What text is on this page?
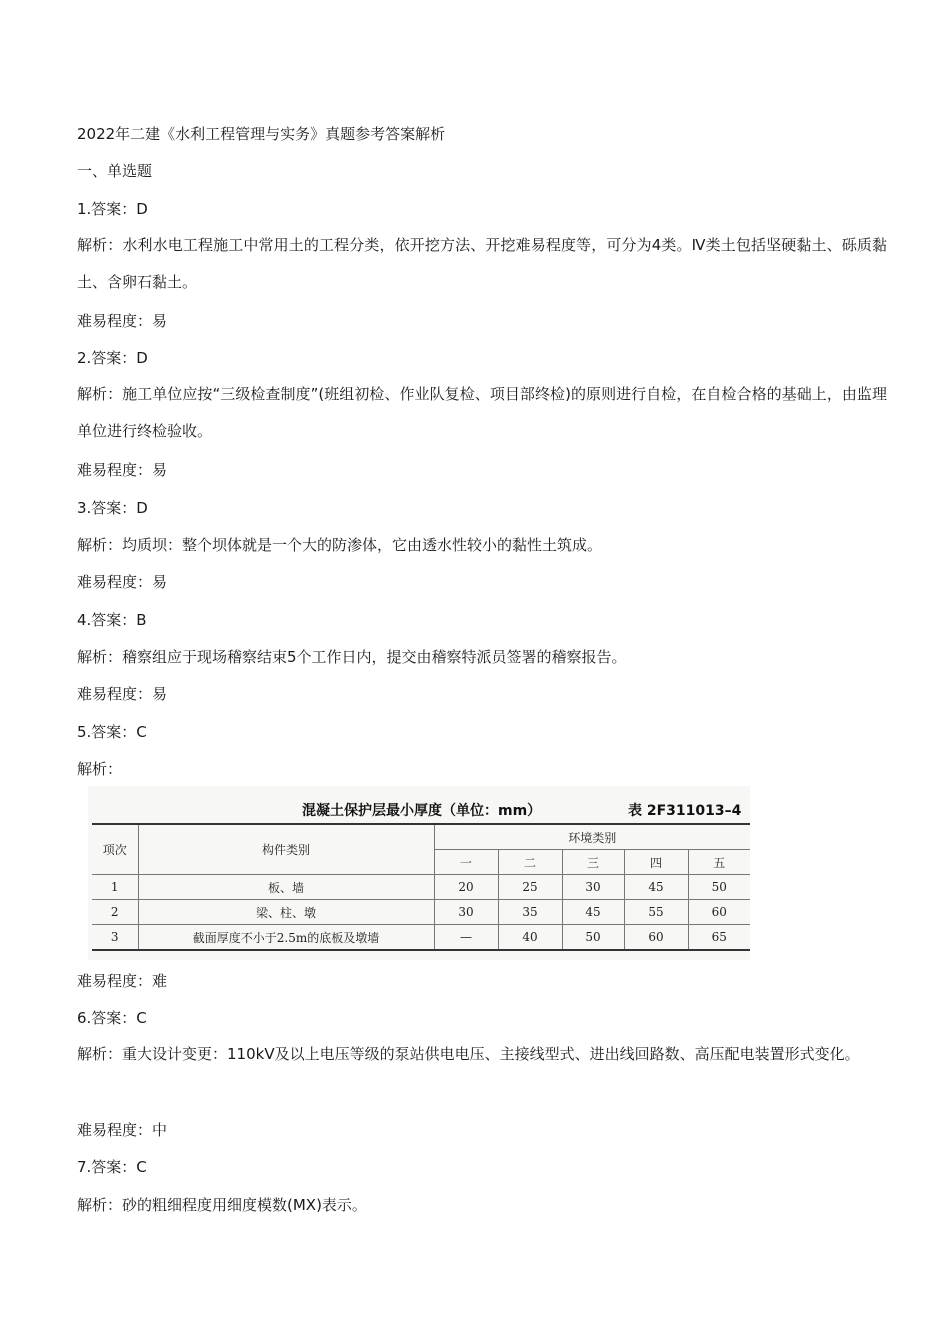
2022年二建《水利工程管理与实务》真题参考答案解析
一、单选题
1.答案：D
解析：水利水电工程施工中常用土的工程分类，依开挖方法、开挖难易程度等，可分为4类。Ⅳ类土包括坚硬黏土、砾质黏土、含卵石黏土。
难易程度：易
2.答案：D
解析：施工单位应按“三级检查制度”(班组初检、作业队复检、项目部终检)的原则进行自检，在自检合格的基础上，由监理单位进行终检验收。
难易程度：易
3.答案：D
解析：均质坝：整个坝体就是一个大的防渗体，它由透水性较小的黏性土筑成。
难易程度：易
4.答案：B
解析：稽察组应于现场稽察结束5个工作日内，提交由稽察特派员签署的稽察报告。
难易程度：易
5.答案：C
解析：
混凝土保护层最小厚度（单位：mm）	表 2F311013–4
项次	构件类别	环境类别				
		一	二	三	四	五
1	板、墙	20	25	30	45	50
2	梁、柱、墩	30	35	45	55	60
3	截面厚度不小于2.5m的底板及墩墙	—	40	50	60	65
难易程度：难
6.答案：C
解析：重大设计变更：110kV及以上电压等级的泵站供电电压、主接线型式、进出线回路数、高压配电装置形式变化。
难易程度：中
7.答案：C
解析：砂的粗细程度用细度模数(MX)表示。
